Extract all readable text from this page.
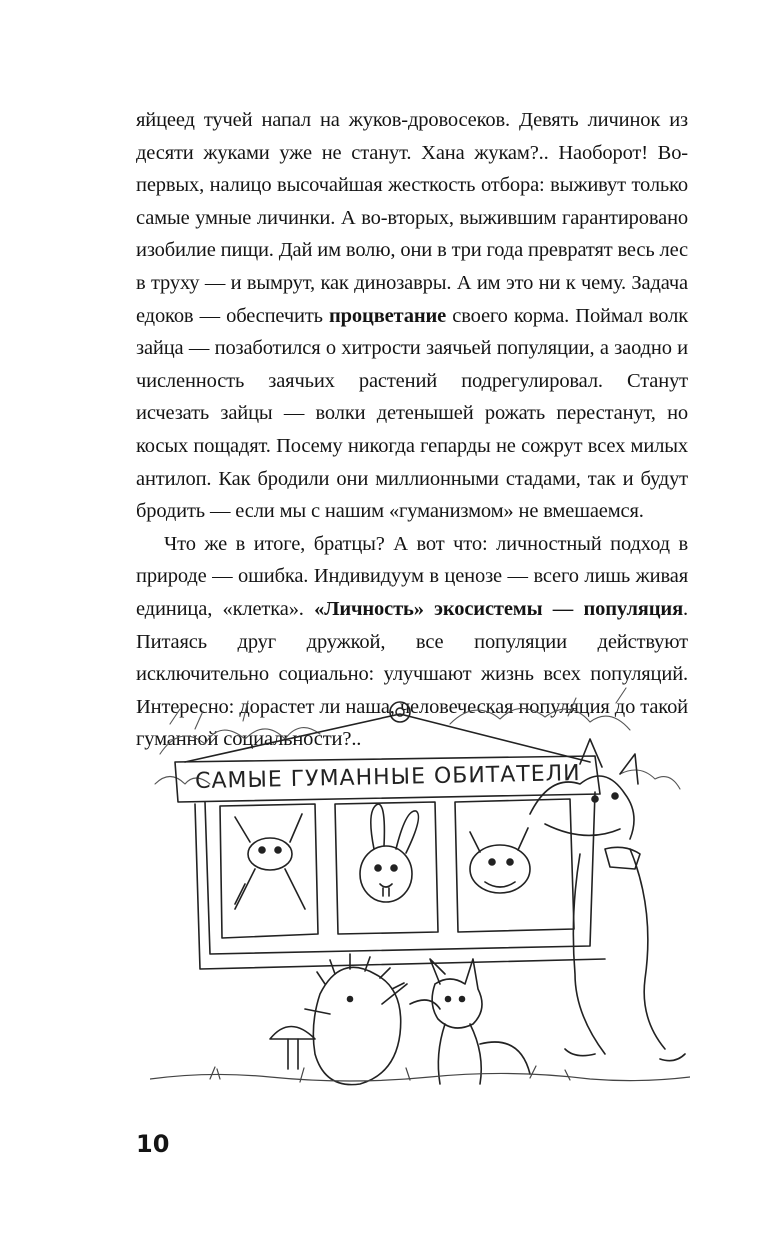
яйцеед тучей напал на жуков-дровосеков. Девять личинок из десяти жуками уже не станут. Хана жукам?.. Наоборот! Во-первых, налицо высочайшая жесткость отбора: выживут только самые умные личинки. А во-вторых, выжившим гарантировано изобилие пищи. Дай им волю, они в три года превратят весь лес в труху — и вымрут, как динозавры. А им это ни к чему. Задача едоков — обеспечить процветание своего корма. Поймал волк зайца — позаботился о хитрости заячьей популяции, а заодно и численность заячьих растений подрегулировал. Станут исчезать зайцы — волки детенышей рожать перестанут, но косых пощадят. Посему никогда гепарды не сожрут всех милых антилоп. Как бродили они миллионными стадами, так и будут бродить — если мы с нашим «гуманизмом» не вмешаемся.

Что же в итоге, братцы? А вот что: личностный подход в природе — ошибка. Индивидуум в ценозе — всего лишь живая единица, «клетка». «Личность» экосистемы — популяция. Питаясь друг дружкой, все популяции действуют исключительно социально: улучшают жизнь всех популяций. Интересно: дорастет ли наша, человеческая популяция до такой гуманной социальности?..

САМЫЕ ГУМАННЫЕ ОБИТАТЕЛИ
10
